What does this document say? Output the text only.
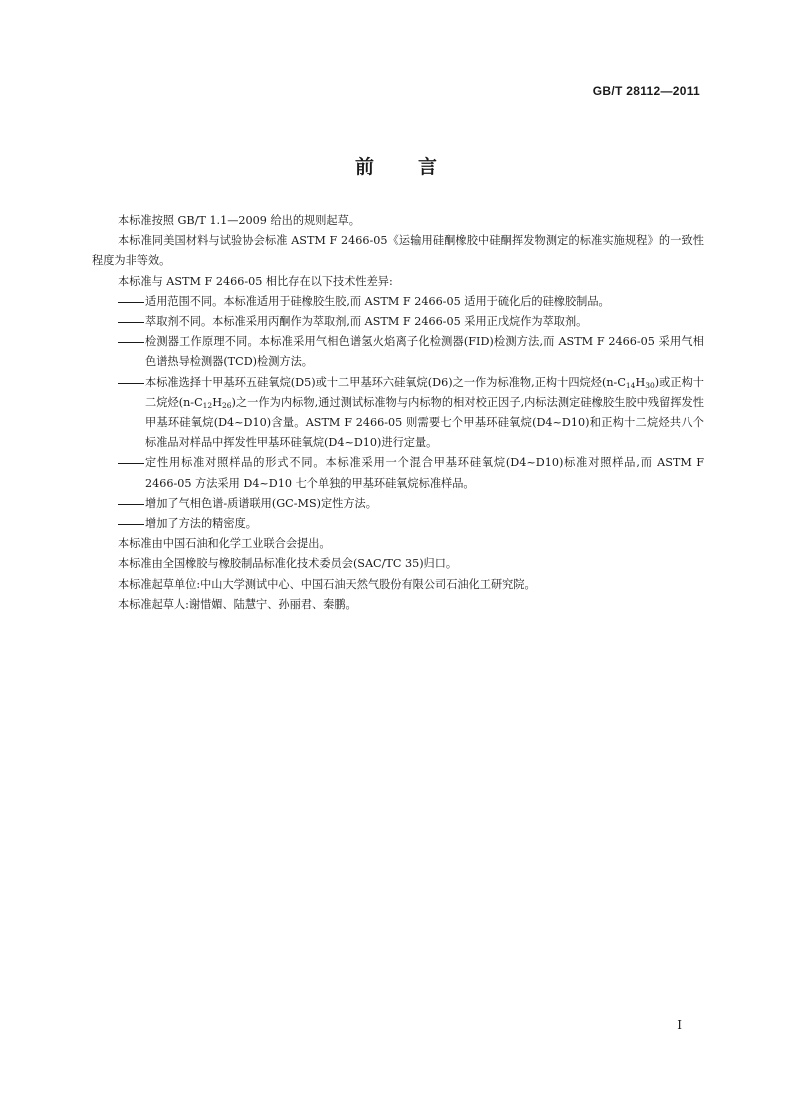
GB/T 28112—2011
前言

本标准按照 GB/T 1.1—2009 给出的规则起草。

本标准同美国材料与试验协会标准 ASTM F 2466-05《运输用硅酮橡胶中硅酮挥发物测定的标准实施规程》的一致性程度为非等效。

本标准与 ASTM F 2466-05 相比存在以下技术性差异:

适用范围不同。本标准适用于硅橡胶生胶,而 ASTM F 2466-05 适用于硫化后的硅橡胶制品。
萃取剂不同。本标准采用丙酮作为萃取剂,而 ASTM F 2466-05 采用正戊烷作为萃取剂。
检测器工作原理不同。本标准采用气相色谱氢火焰离子化检测器(FID)检测方法,而 ASTM F 2466-05 采用气相色谱热导检测器(TCD)检测方法。
本标准选择十甲基环五硅氧烷(D5)或十二甲基环六硅氧烷(D6)之一作为标准物,正构十四烷烃$(n-C_{14}H_{30})$或正构十二烷烃$(n-C_{12}H_{26})$之一作为内标物,通过测试标准物与内标物的相对校正因子,内标法测定硅橡胶生胶中残留挥发性甲基环硅氧烷(D4~D10)含量。ASTM F 2466-05 则需要七个甲基环硅氧烷(D4~D10)和正构十二烷烃共八个标准品对样品中挥发性甲基环硅氧烷(D4~D10)进行定量。
定性用标准对照样品的形式不同。本标准采用一个混合甲基环硅氧烷(D4~D10)标准对照样品,而 ASTM F 2466-05 方法采用 D4~D10 七个单独的甲基环硅氧烷标准样品。
增加了气相色谱-质谱联用(GC-MS)定性方法。
增加了方法的精密度。

本标准由中国石油和化学工业联合会提出。

本标准由全国橡胶与橡胶制品标准化技术委员会(SAC/TC 35)归口。

本标准起草单位:中山大学测试中心、中国石油天然气股份有限公司石油化工研究院。

本标准起草人:谢惜媚、陆慧宁、孙丽君、秦鹏。

I
